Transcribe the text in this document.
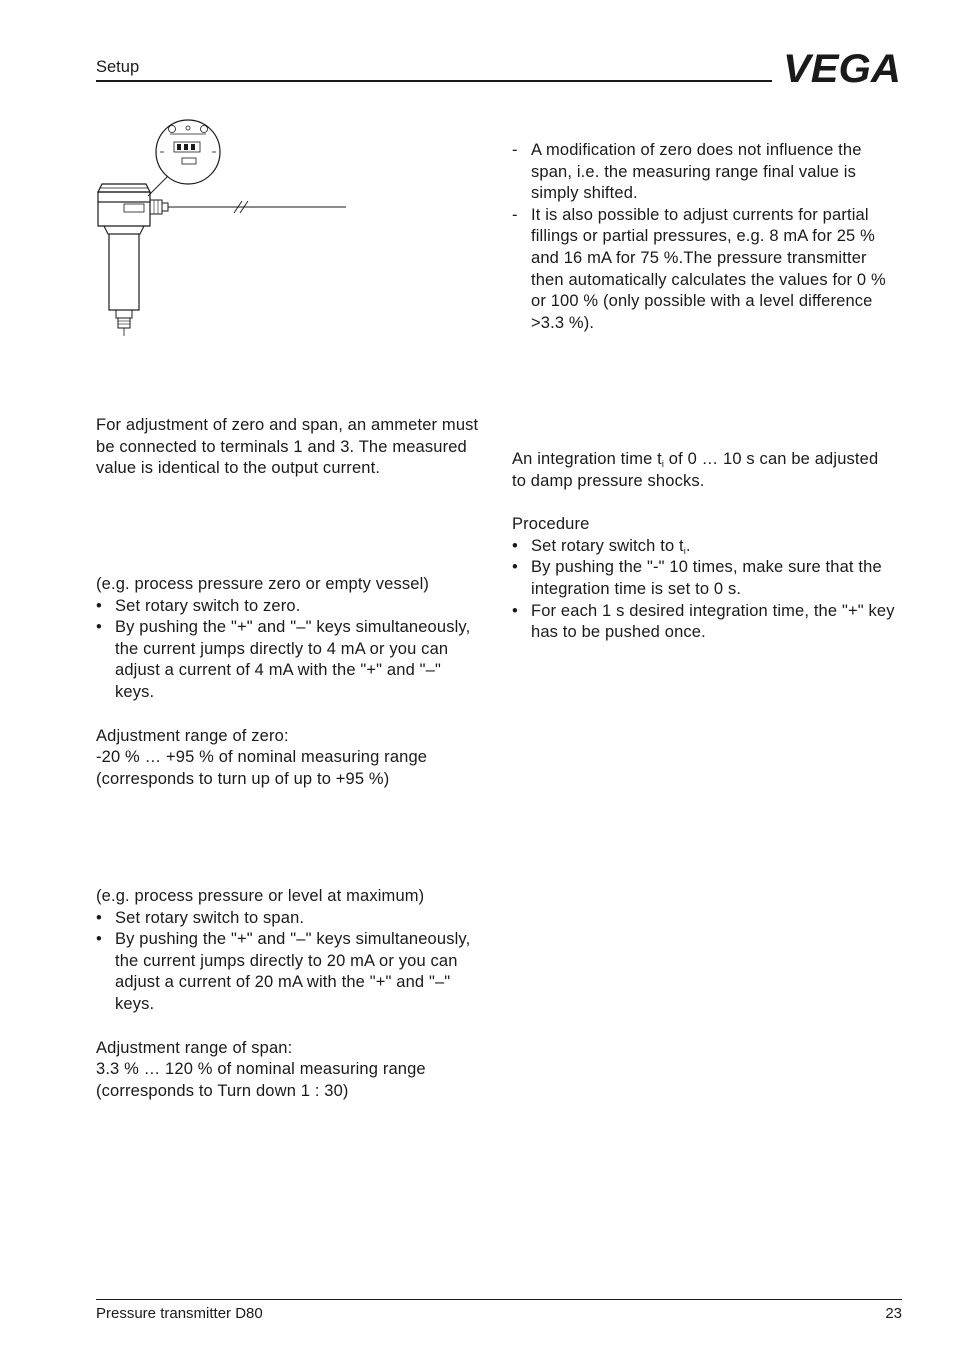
Setup	VEGA

For adjustment of zero and span, an ammeter must be connected to terminals 1 and 3. The measured value is identical to the output current.

(e.g. process pressure zero or empty vessel)

• Set rotary switch to zero.
• By pushing the "+" and "–" keys simultaneously, the current jumps directly to 4 mA or you can adjust a current of 4 mA with the "+" and "–" keys.

Adjustment range of zero:

-20 % … +95 % of nominal measuring range

(corresponds to turn up of up to +95 %)

(e.g. process pressure or level at maximum)

• Set rotary switch to span.
• By pushing the "+" and "–" keys simultaneously, the current jumps directly to 20 mA or you can adjust a current of 20 mA with the "+" and "–" keys.

Adjustment range of span:

3.3 % … 120 % of nominal measuring range

(corresponds to Turn down 1 : 30)

- A modification of zero does not influence the span, i.e. the measuring range final value is simply shifted.
- It is also possible to adjust currents for partial fillings or partial pressures, e.g. 8 mA for 25 % and 16 mA for 75 %.The pressure transmitter then automatically calculates the values for 0 % or 100 % (only possible with a level difference >3.3 %).

An integration time $t_i$ of 0 … 10 s can be adjusted to damp pressure shocks.

Procedure

• Set rotary switch to $t_i$.
• By pushing the "-" 10 times, make sure that the integration time is set to 0 s.
• For each 1 s desired integration time, the "+" key has to be pushed once.
Pressure transmitter D80	23
